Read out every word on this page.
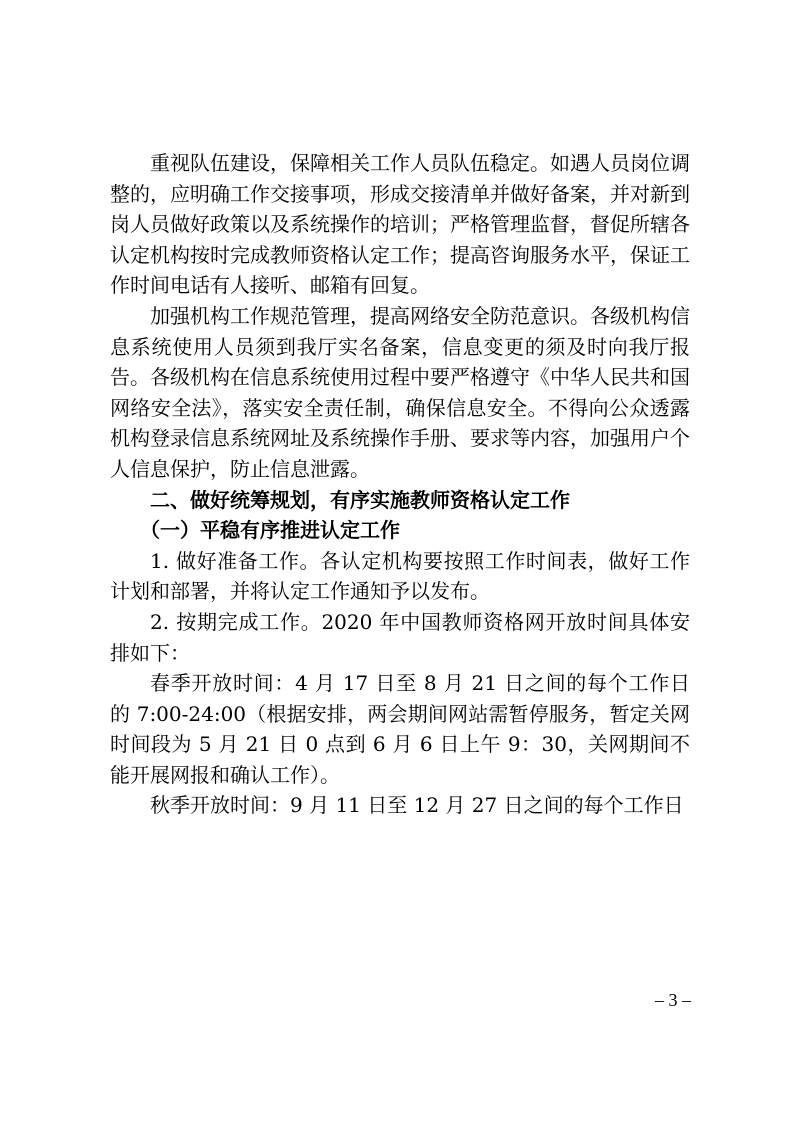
重视队伍建设，保障相关工作人员队伍稳定。如遇人员岗位调整的，应明确工作交接事项，形成交接清单并做好备案，并对新到岗人员做好政策以及系统操作的培训；严格管理监督，督促所辖各认定机构按时完成教师资格认定工作；提高咨询服务水平，保证工作时间电话有人接听、邮箱有回复。

加强机构工作规范管理，提高网络安全防范意识。各级机构信息系统使用人员须到我厅实名备案，信息变更的须及时向我厅报告。各级机构在信息系统使用过程中要严格遵守《中华人民共和国网络安全法》，落实安全责任制，确保信息安全。不得向公众透露机构登录信息系统网址及系统操作手册、要求等内容，加强用户个人信息保护，防止信息泄露。

二、做好统筹规划，有序实施教师资格认定工作

（一）平稳有序推进认定工作

1. 做好准备工作。各认定机构要按照工作时间表，做好工作计划和部署，并将认定工作通知予以发布。

2. 按期完成工作。2020 年中国教师资格网开放时间具体安排如下：

春季开放时间：4 月 17 日至 8 月 21 日之间的每个工作日的 7:00-24:00（根据安排，两会期间网站需暂停服务，暂定关网时间段为 5 月 21 日 0 点到 6 月 6 日上午 9：30，关网期间不能开展网报和确认工作）。

秋季开放时间：9 月 11 日至 12 月 27 日之间的每个工作日

– 3 –
